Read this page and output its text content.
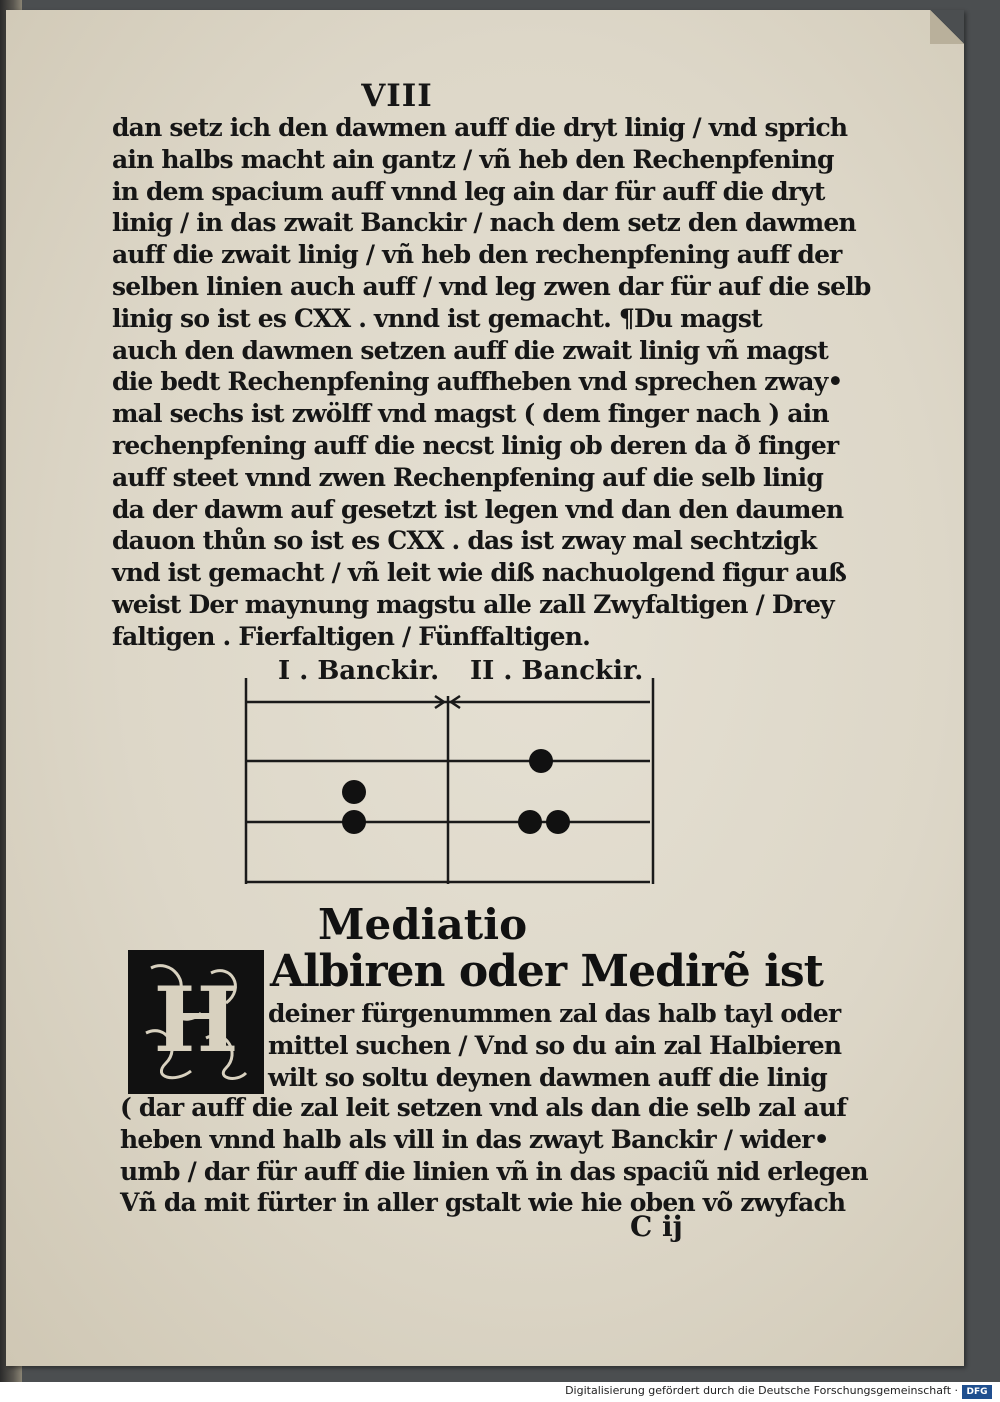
VIII
dan setz ich den dawmen auff die dryt linig / vnd sprich
ain halbs macht ain gantz / vñ heb den Rechenpfening
in dem spacium auff vnnd leg ain dar für auff die dryt
linig / in das zwait Banckir / nach dem setz den dawmen
auff die zwait linig / vñ heb den rechenpfening auff der
selben linien auch auff / vnd leg zwen dar für auf die selb
linig so ist es CXX . vnnd ist gemacht. ¶Du magst
auch den dawmen setzen auff die zwait linig vñ magst
die bedt Rechenpfening auffheben vnd sprechen zway•
mal sechs ist zwölff vnd magst ( dem finger nach ) ain
rechenpfening auff die necst linig ob deren da ð finger
auff steet vnnd zwen Rechenpfening auf die selb linig
da der dawm auf gesetzt ist legen vnd dan den daumen
dauon thůn so ist es CXX . das ist zway mal sechtzigk
vnd ist gemacht / vñ leit wie diß nachuolgend figur auß
weist Der maynung magstu alle zall Zwyfaltigen / Drey
faltigen . Fierfaltigen / Fünffaltigen.
I . Banckir. II . Banckir.
Mediatio
H Albiren oder Medirẽ ist
deiner fürgenummen zal das halb tayl oder
mittel suchen / Vnd so du ain zal Halbieren
wilt so soltu deynen dawmen auff die linig
( dar auff die zal leit setzen vnd als dan die selb zal auf
heben vnnd halb als vill in das zwayt Banckir / wider•
umb / dar für auff die linien vñ in das spaciũ nid erlegen
Vñ da mit fürter in aller gstalt wie hie oben võ zwyfach
C ij
Digitalisierung gefördert durch die Deutsche Forschungsgemeinschaft · DFG
